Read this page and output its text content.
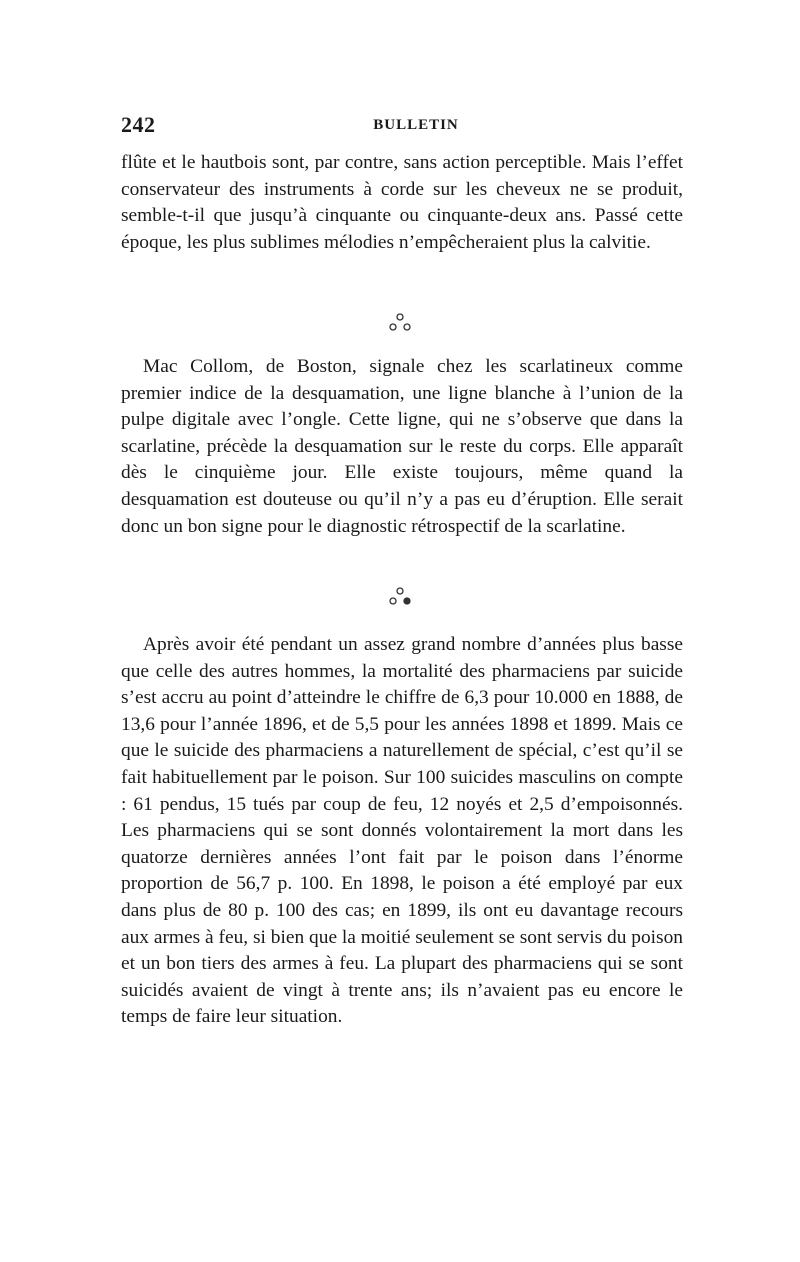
242	BULLETIN

flûte et le hautbois sont, par contre, sans action perceptible. Mais l’effet conservateur des instruments à corde sur les cheveux ne se produit, semble-t-il que jusqu’à cinquante ou cinquante-deux ans. Passé cette époque, les plus sublimes mélodies n’empêcheraient plus la calvitie.

Mac Collom, de Boston, signale chez les scarlatineux comme premier indice de la desquamation, une ligne blanche à l’union de la pulpe digitale avec l’ongle. Cette ligne, qui ne s’observe que dans la scarlatine, précède la desquamation sur le reste du corps. Elle apparaît dès le cinquième jour. Elle existe toujours, même quand la desquamation est douteuse ou qu’il n’y a pas eu d’éruption. Elle serait donc un bon signe pour le diagnostic rétrospectif de la scarlatine.

Après avoir été pendant un assez grand nombre d’années plus basse que celle des autres hommes, la mortalité des pharmaciens par suicide s’est accru au point d’atteindre le chiffre de 6,3 pour 10.000 en 1888, de 13,6 pour l’année 1896, et de 5,5 pour les années 1898 et 1899. Mais ce que le suicide des pharmaciens a naturellement de spécial, c’est qu’il se fait habituellement par le poison. Sur 100 suicides masculins on compte : 61 pendus, 15 tués par coup de feu, 12 noyés et 2,5 d’empoisonnés. Les pharmaciens qui se sont donnés volontairement la mort dans les quatorze dernières années l’ont fait par le poison dans l’énorme proportion de 56,7 p. 100. En 1898, le poison a été employé par eux dans plus de 80 p. 100 des cas; en 1899, ils ont eu davantage recours aux armes à feu, si bien que la moitié seulement se sont servis du poison et un bon tiers des armes à feu. La plupart des pharmaciens qui se sont suicidés avaient de vingt à trente ans; ils n’avaient pas eu encore le temps de faire leur situation.
